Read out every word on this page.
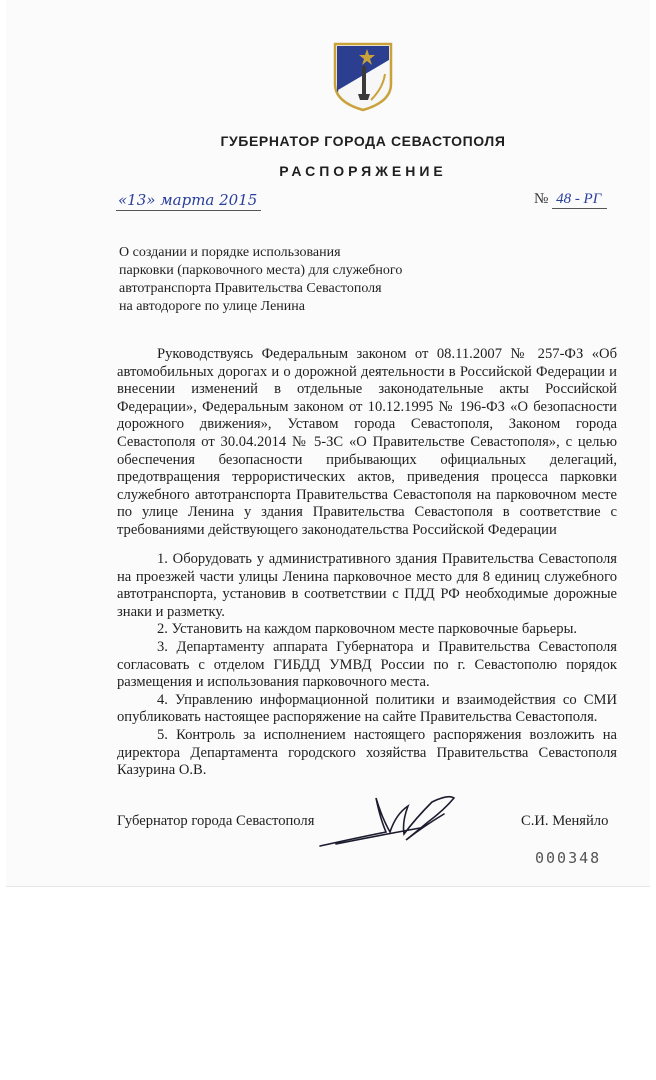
ГУБЕРНАТОР ГОРОДА СЕВАСТОПОЛЯ
РАСПОРЯЖЕНИЕ
«13» марта 2015	№ 48 - РГ
О создании и порядке использования
парковки (парковочного места) для служебного
автотранспорта Правительства Севастополя
на автодороге по улице Ленина

Руководствуясь Федеральным законом от 08.11.2007 № 257-ФЗ «Об автомобильных дорогах и о дорожной деятельности в Российской Федерации и внесении изменений в отдельные законодательные акты Российской Федерации», Федеральным законом от 10.12.1995 № 196-ФЗ «О безопасности дорожного движения», Уставом города Севастополя, Законом города Севастополя от 30.04.2014 № 5-ЗС «О Правительстве Севастополя», с целью обеспечения безопасности прибывающих официальных делегаций, предотвращения террористических актов, приведения процесса парковки служебного автотранспорта Правительства Севастополя на парковочном месте по улице Ленина у здания Правительства Севастополя в соответствие с требованиями действующего законодательства Российской Федерации

1. Оборудовать у административного здания Правительства Севастополя на проезжей части улицы Ленина парковочное место для 8 единиц служебного автотранспорта, установив в соответствии с ПДД РФ необходимые дорожные знаки и разметку.

2. Установить на каждом парковочном месте парковочные барьеры.

3. Департаменту аппарата Губернатора и Правительства Севастополя согласовать с отделом ГИБДД УМВД России по г. Севастополю порядок размещения и использования парковочного места.

4. Управлению информационной политики и взаимодействия со СМИ опубликовать настоящее распоряжение на сайте Правительства Севастополя.

5. Контроль за исполнением настоящего распоряжения возложить на директора Департамента городского хозяйства Правительства Севастополя Казурина О.В.

Губернатор города Севастополя	С.И. Меняйло
000348
